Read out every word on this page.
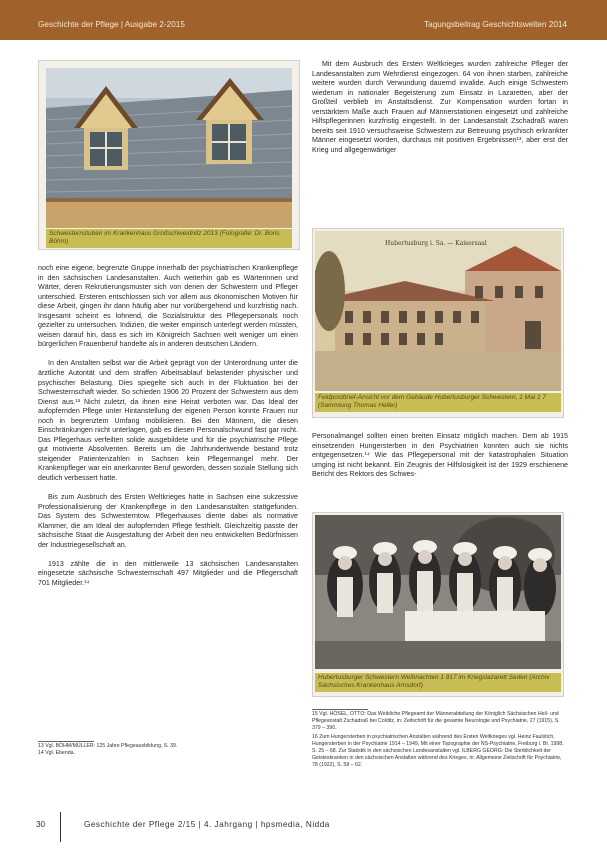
Geschichte der Pflege | Ausgabe 2-2015	Tagungsbeitrag Geschichtswelten 2014
Schwesternstuben im Krankenhaus Großschweidnitz 2013 (Fotografie: Dr. Boris Böhm)

Mit dem Ausbruch des Ersten Weltkrieges wurden zahlreiche Pfleger der Landesanstalten zum Wehrdienst eingezogen. 64 von ihnen starben, zahlreiche weitere wurden durch Verwundung dauernd invalide. Auch einige Schwestern wiederum in nationaler Begeisterung zum Einsatz in Lazaretten, aber der Großteil verblieb im Anstaltsdienst. Zur Kompensation wurden fortan in verstärktem Maße auch Frauen auf Männerstationen eingesetzt und zahlreiche Hilfspflegerinnen kurzfristig eingestellt. In der Landesanstalt Zschadraß waren bereits seit 1910 versuchsweise Schwestern zur Betreuung psychisch erkrankter Männer eingesetzt worden, durchaus mit positiven Ergebnissen¹³, aber erst der Krieg und allgegenwärtiger

Hubertusburg i. Sa. — Kaisersaal
Feldpostbrief-Ansicht vor dem Gebäude Hubertusburger Schwestern, 1 Mai 1 7 (Sammlung Thomas Heller)

Personalmangel sollten einen breiten Einsatz möglich machen. Dem ab 1915 einsetzenden Hungersterben in den Psychiatrien konnten auch sie nichts entgegensetzen.¹⁴ Wie das Pflegepersonal mit der katastrophalen Situation umging ist nicht bekannt. Ein Zeugnis der Hilfslosigkeit ist der 1929 erschienene Bericht des Rektors des Schwes-

Hubertusburger Schwestern Weihnachten 1 917 im Kriegslazarett Seden (Archiv Sächsisches Krankenhaus Arnsdorf)

noch eine eigene, begrenzte Gruppe innerhalb der psychiatrischen Krankenpflege in den sächsischen Landesanstalten. Auch weiterhin gab es Wärterinnen und Wärter, deren Rekrutierungsmuster sich von denen der Schwestern und Pfleger unterschied. Ersteren entschlossen sich vor allem aus ökonomischen Motiven für diese Arbeit, gingen ihr dann häufig aber nur vorübergehend und kurzfristig nach. Insgesamt scheint es lohnend, die Sozialstruktur des Pflegepersonals noch gezielter zu untersuchen. Indizien, die weiter empirisch unterlegt werden müssten, weisen darauf hin, dass es sich im Königreich Sachsen weit weniger um einen bürgerlichen Frauenberuf handelte als in anderen deutschen Ländern.

In den Anstalten selbst war die Arbeit geprägt von der Unterordnung unter die ärztliche Autorität und dem straffen Arbeitsablauf belastender physischer und psychischer Belastung. Dies spiegelte sich auch in der Fluktuation bei der Schwesternschaft wieder. So schieden 1906 20 Prozent der Schwestern aus dem Dienst aus.¹³ Nicht zuletzt, da ihnen eine Heirat verboten war. Das Ideal der aufopfernden Pflege unter Hintanstellung der eigenen Person konnte Frauen nur noch in begrenztem Umfang mobilisieren. Bei den Männern, die diesen Einschränkungen nicht unterlagen, gab es diesen Personalschwund fast gar nicht. Das Pflegerhaus verfeilten solide ausgebildete und für die psychiatrische Pflege gut motivierte Absolventen. Bereits um die Jahrhundertwende bestand trotz steigender Patientenzahlen in Sachsen kein Pflegermangel mehr. Der Krankenpfleger war ein anerkannter Beruf geworden, dessen soziale Stellung sich deutlich verbessert hatte.

Bis zum Ausbruch des Ersten Weltkrieges hatte in Sachsen eine sukzessive Professionalisierung der Krankenpflege in den Landesanstalten stattgefunden. Das System des Schwesterntow. Pflegerhauses diente dabei als normative Klammer, die am Ideal der aufopfernden Pflege festhielt. Gleichzeitig passte der sächsische Staat die Ausgestaltung der Arbeit den neu entwickelten Bedürfnissen der Industriegesellschaft an.

1913 zählte die in den mittlerweile 13 sächsischen Landesanstalten eingesetzte sächsische Schwesternschaft 497 Mitglieder und die Pflegerschaft 701 Mitglieder.¹⁴

13 Vgl. BÖHM/MÜLLER: 125 Jahre Pflegeausbildung, S. 39.
14 Vgl. Ebenda.
15 Vgl. HÖSEL, OTTO: Das Weibliche Pflegeamt der Männerabteilung der Königlich Sächsischen Heil- und Pflegeanstalt Zschadraß bei Colditz, in: Zeitschrift für die gesamte Neurologie und Psychiatrie, 27 (1915), S. 379 – 390.
16 Zum Hungersterben in psychiatrischen Anstalten während des Ersten Weltkrieges vgl. Heinz Faulstich, Hungersterben in der Psychiatrie 1914 – 1949, Mit einer Topographie der NS-Psychiatrie, Freiburg i. Br. 1998, S. 25 – 68. Zur Statistik in den sächsischen Landesanstalten vgl. ILBERG GEORG: Die Sterblichkeit der Geisteskranken in den sächsischen Anstalten während des Krieges, in: Allgemeine Zeitschrift für Psychiatrie, 78 (1922), S. 58 – 62.
30	Geschichte der Pflege 2/15 | 4. Jahrgang | hpsmedia, Nidda
